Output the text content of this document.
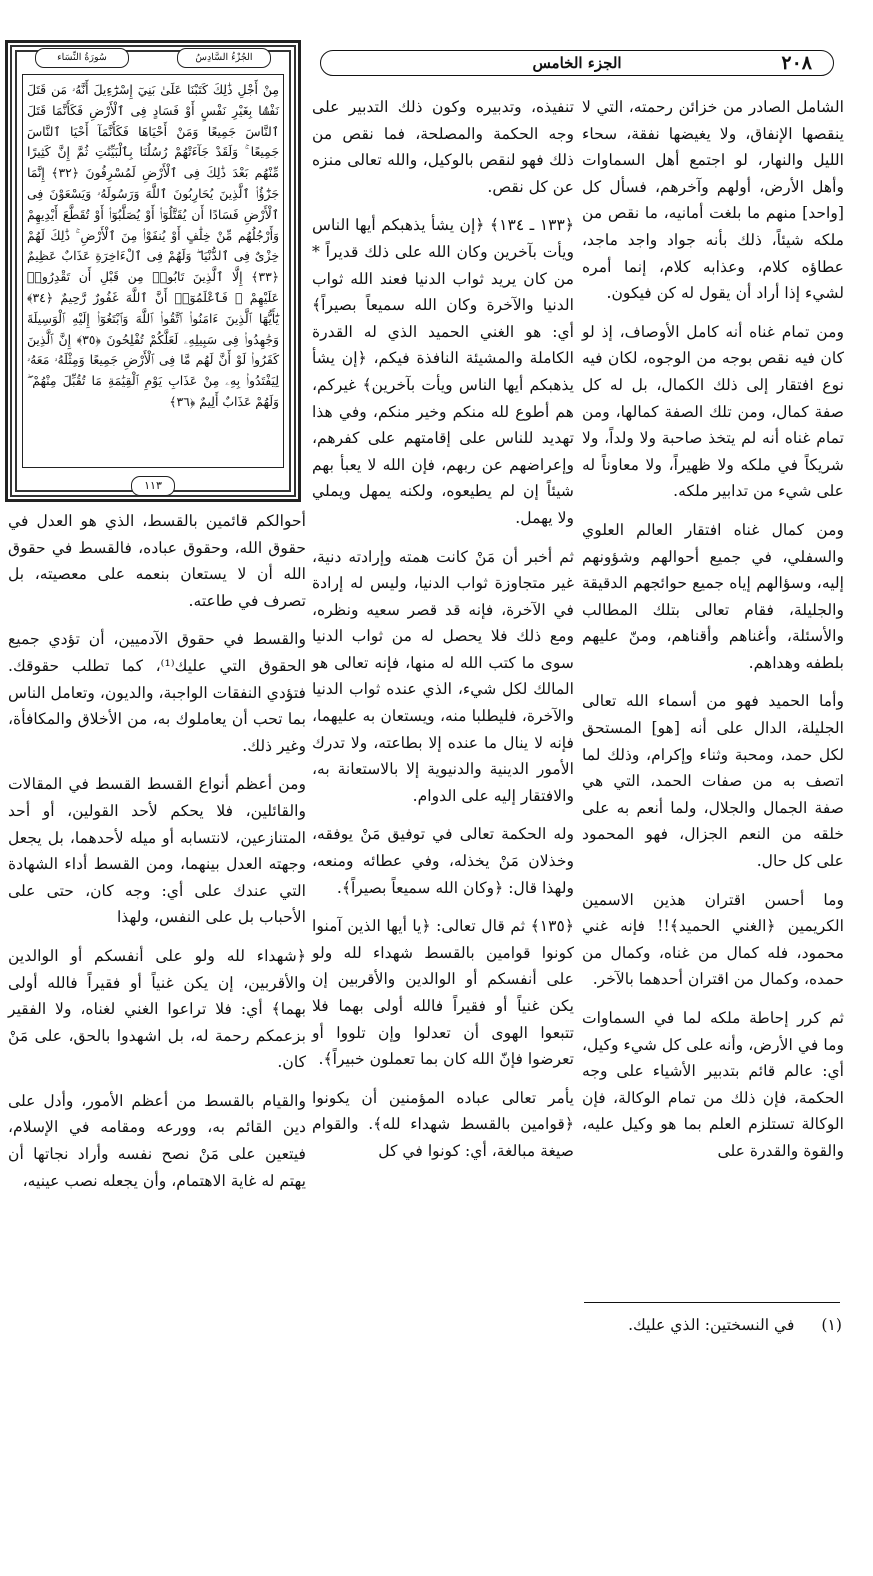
٢٠٨
الجزء الخامس
سُورَةُ النِّسَاء	الجُزْءُ السَّادِسُ
مِنْ أَجْلِ ذَٰلِكَ كَتَبْنَا عَلَىٰ بَنِيٓ إِسْرَٰٓءِيلَ أَنَّهُۥ مَن قَتَلَ نَفْسًۢا بِغَيْرِ نَفْسٍ أَوْ فَسَادٍ فِى ٱلْأَرْضِ فَكَأَنَّمَا قَتَلَ ٱلنَّاسَ جَمِيعًا وَمَنْ أَحْيَاهَا فَكَأَنَّمَآ أَحْيَا ٱلنَّاسَ جَمِيعًا ۚ وَلَقَدْ جَآءَتْهُمْ رُسُلُنَا بِٱلْبَيِّنَٰتِ ثُمَّ إِنَّ كَثِيرًا مِّنْهُم بَعْدَ ذَٰلِكَ فِى ٱلْأَرْضِ لَمُسْرِفُونَ ﴿٣٢﴾ إِنَّمَا جَزَٰٓؤُا۟ ٱلَّذِينَ يُحَارِبُونَ ٱللَّهَ وَرَسُولَهُۥ وَيَسْعَوْنَ فِى ٱلْأَرْضِ فَسَادًا أَن يُقَتَّلُوٓا۟ أَوْ يُصَلَّبُوٓا۟ أَوْ تُقَطَّعَ أَيْدِيهِمْ وَأَرْجُلُهُم مِّنْ خِلَٰفٍ أَوْ يُنفَوْا۟ مِنَ ٱلْأَرْضِ ۚ ذَٰلِكَ لَهُمْ خِزْىٌ فِى ٱلدُّنْيَا ۖ وَلَهُمْ فِى ٱلْءَاخِرَةِ عَذَابٌ عَظِيمٌ ﴿٣٣﴾ إِلَّا ٱلَّذِينَ تَابُوا۟ مِن قَبْلِ أَن تَقْدِرُوا۟ عَلَيْهِمْ ۖ فَٱعْلَمُوٓا۟ أَنَّ ٱللَّهَ غَفُورٌ رَّحِيمٌ ﴿٣٤﴾ يَٰٓأَيُّهَا ٱلَّذِينَ ءَامَنُوا۟ ٱتَّقُوا۟ ٱللَّهَ وَٱبْتَغُوٓا۟ إِلَيْهِ ٱلْوَسِيلَةَ وَجَٰهِدُوا۟ فِى سَبِيلِهِۦ لَعَلَّكُمْ تُفْلِحُونَ ﴿٣٥﴾ إِنَّ ٱلَّذِينَ كَفَرُوا۟ لَوْ أَنَّ لَهُم مَّا فِى ٱلْأَرْضِ جَمِيعًا وَمِثْلَهُۥ مَعَهُۥ لِيَفْتَدُوا۟ بِهِۦ مِنْ عَذَابِ يَوْمِ ٱلْقِيَٰمَةِ مَا تُقُبِّلَ مِنْهُمْ ۖ وَلَهُمْ عَذَابٌ أَلِيمٌ ﴿٣٦﴾
١١٣

الشامل الصادر من خزائن رحمته، التي لا ينقصها الإنفاق، ولا يغيضها نفقة، سحاء الليل والنهار، لو اجتمع أهل السماوات وأهل الأرض، أولهم وآخرهم، فسأل كل [واحد] منهم ما بلغت أمانيه، ما نقص من ملكه شيئاً، ذلك بأنه جواد واجد ماجد، عطاؤه كلام، وعذابه كلام، إنما أمره لشيء إذا أراد أن يقول له كن فيكون.

ومن تمام غناه أنه كامل الأوصاف، إذ لو كان فيه نقص بوجه من الوجوه، لكان فيه نوع افتقار إلى ذلك الكمال، بل له كل صفة كمال، ومن تلك الصفة كمالها، ومن تمام غناه أنه لم يتخذ صاحبة ولا ولداً، ولا شريكاً في ملكه ولا ظهيراً، ولا معاوناً له على شيء من تدابير ملكه.

ومن كمال غناه افتقار العالم العلوي والسفلي، في جميع أحوالهم وشؤونهم إليه، وسؤالهم إياه جميع حوائجهم الدقيقة والجليلة، فقام تعالى بتلك المطالب والأسئلة، وأغناهم وأقناهم، ومنّ عليهم بلطفه وهداهم.

وأما الحميد فهو من أسماء الله تعالى الجليلة، الدال على أنه [هو] المستحق لكل حمد، ومحبة وثناء وإكرام، وذلك لما اتصف به من صفات الحمد، التي هي صفة الجمال والجلال، ولما أنعم به على خلقه من النعم الجزال، فهو المحمود على كل حال.

وما أحسن اقتران هذين الاسمين الكريمين ﴿الغني الحميد﴾!! فإنه غني محمود، فله كمال من غناه، وكمال من حمده، وكمال من اقتران أحدهما بالآخر.

ثم كرر إحاطة ملكه لما في السماوات وما في الأرض، وأنه على كل شيء وكيل، أي: عالم قائم بتدبير الأشياء على وجه الحكمة، فإن ذلك من تمام الوكالة، فإن الوكالة تستلزم العلم بما هو وكيل عليه، والقوة والقدرة على

تنفيذه، وتدبيره وكون ذلك التدبير على وجه الحكمة والمصلحة، فما نقص من ذلك فهو لنقص بالوكيل، والله تعالى منزه عن كل نقص.

﴿١٣٣ ـ ١٣٤﴾ ﴿إن يشأ يذهبكم أيها الناس ويأت بآخرين وكان الله على ذلك قديراً * من كان يريد ثواب الدنيا فعند الله ثواب الدنيا والآخرة وكان الله سميعاً بصيراً﴾ أي: هو الغني الحميد الذي له القدرة الكاملة والمشيئة النافذة فيكم، ﴿إن يشأ يذهبكم أيها الناس ويأت بآخرين﴾ غيركم، هم أطوع لله منكم وخير منكم، وفي هذا تهديد للناس على إقامتهم على كفرهم، وإعراضهم عن ربهم، فإن الله لا يعبأ بهم شيئاً إن لم يطيعوه، ولكنه يمهل ويملي ولا يهمل.

ثم أخبر أن مَنْ كانت همته وإرادته دنية، غير متجاوزة ثواب الدنيا، وليس له إرادة في الآخرة، فإنه قد قصر سعيه ونظره، ومع ذلك فلا يحصل له من ثواب الدنيا سوى ما كتب الله له منها، فإنه تعالى هو المالك لكل شيء، الذي عنده ثواب الدنيا والآخرة، فليطلبا منه، ويستعان به عليهما، فإنه لا ينال ما عنده إلا بطاعته، ولا تدرك الأمور الدينية والدنيوية إلا بالاستعانة به، والافتقار إليه على الدوام.

وله الحكمة تعالى في توفيق مَنْ يوفقه، وخذلان مَنْ يخذله، وفي عطائه ومنعه، ولهذا قال: ﴿وكان الله سميعاً بصيراً﴾.

﴿١٣٥﴾ ثم قال تعالى: ﴿يا أيها الذين آمنوا كونوا قوامين بالقسط شهداء لله ولو على أنفسكم أو الوالدين والأقربين إن يكن غنياً أو فقيراً فالله أولى بهما فلا تتبعوا الهوى أن تعدلوا وإن تلووا أو تعرضوا فإنّ الله كان بما تعملون خبيراً﴾.

يأمر تعالى عباده المؤمنين أن يكونوا ﴿قوامين بالقسط شهداء لله﴾. والقوام صيغة مبالغة، أي: كونوا في كل

أحوالكم قائمين بالقسط، الذي هو العدل في حقوق الله، وحقوق عباده، فالقسط في حقوق الله أن لا يستعان بنعمه على معصيته، بل تصرف في طاعته.

والقسط في حقوق الآدميين، أن تؤدي جميع الحقوق التي عليك⁽¹⁾، كما تطلب حقوقك. فتؤدي النفقات الواجبة، والديون، وتعامل الناس بما تحب أن يعاملوك به، من الأخلاق والمكافأة، وغير ذلك.

ومن أعظم أنواع القسط القسط في المقالات والقائلين، فلا يحكم لأحد القولين، أو أحد المتنازعين، لانتسابه أو ميله لأحدهما، بل يجعل وجهته العدل بينهما، ومن القسط أداء الشهادة التي عندك على أي: وجه كان، حتى على الأحباب بل على النفس، ولهذا

﴿شهداء لله ولو على أنفسكم أو الوالدين والأقربين، إن يكن غنياً أو فقيراً فالله أولى بهما﴾ أي: فلا تراعوا الغني لغناه، ولا الفقير بزعمكم رحمة له، بل اشهدوا بالحق، على مَنْ كان.

والقيام بالقسط من أعظم الأمور، وأدل على دين القائم به، وورعه ومقامه في الإسلام، فيتعين على مَنْ نصح نفسه وأراد نجاتها أن يهتم له غاية الاهتمام، وأن يجعله نصب عينيه،

(١) في النسختين: الذي عليك.
